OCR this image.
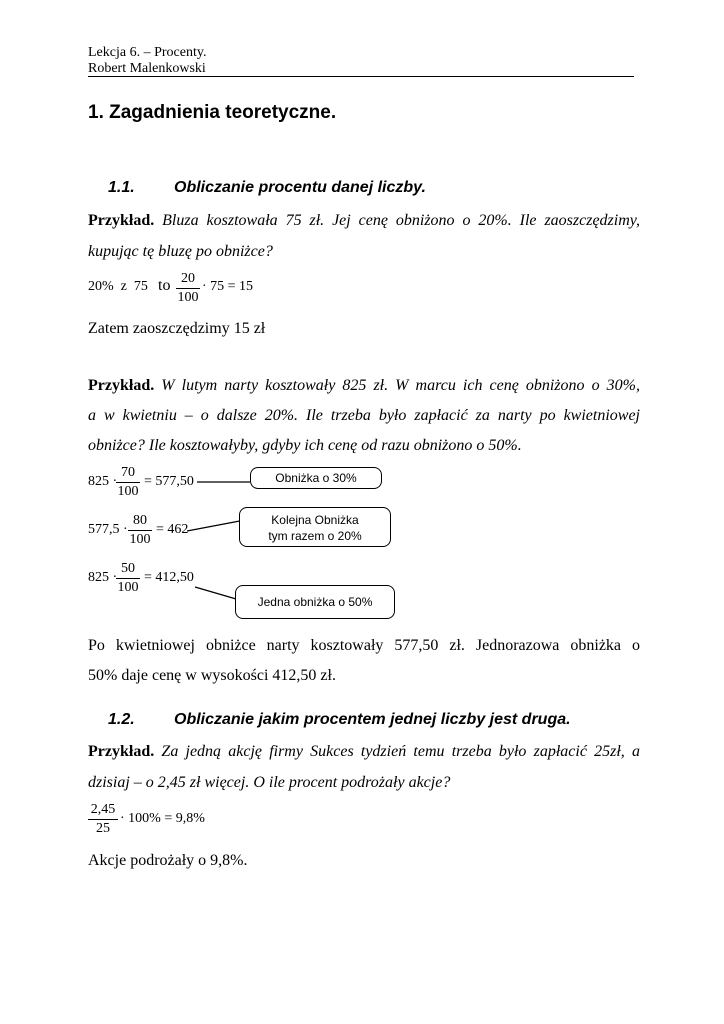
Lekcja 6. – Procenty.
Robert Malenkowski
1. Zagadnienia teoretyczne.
1.1. Obliczanie procentu danej liczby.
Przykład. Bluza kosztowała 75 zł. Jej cenę obniżono o 20%. Ile zaoszczędzimy,
kupując tę bluzę po obniżce?
20%  z  75 to 20
100
· 75 = 15
Zatem zaoszczędzimy 15 zł
Przykład. W lutym narty kosztowały 825 zł. W marcu ich cenę obniżono o 30%,
a w kwietniu – o dalsze 20%. Ile trzeba było zapłacić za narty po kwietniowej
obniżce? Ile kosztowałyby, gdyby ich cenę od razu obniżono o 50%.
825 ·
70
100
= 577,50
577,5 ·
80
100
= 462
825 ·
50
100
= 412,50
Obniżka o 30%
Kolejna Obniżka
tym razem o 20%
Jedna obniżka o 50%
Po kwietniowej obniżce narty kosztowały 577,50 zł. Jednorazowa obniżka o
50% daje cenę w wysokości 412,50 zł.
1.2. Obliczanie jakim procentem jednej liczby jest druga.
Przykład. Za jedną akcję firmy Sukces tydzień temu trzeba było zapłacić 25zł, a
dzisiaj – o 2,45 zł więcej. O ile procent podrożały akcje?
2,45
25
· 100% = 9,8%
Akcje podrożały o 9,8%.
